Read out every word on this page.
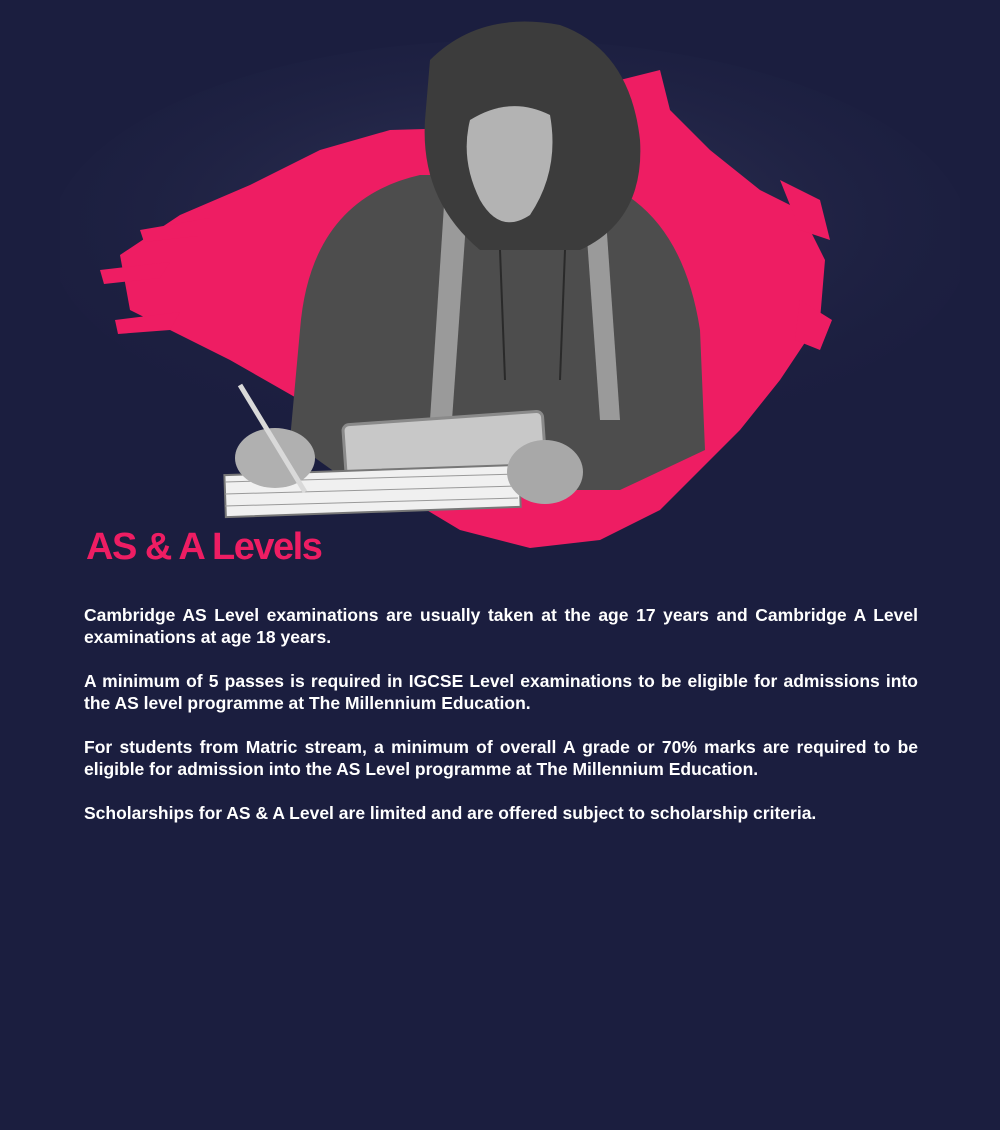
AS & A Levels

Cambridge AS Level examinations are usually taken at the age 17 years and Cambridge A Level examinations at age 18 years.

A minimum of 5 passes is required in IGCSE Level examinations to be eligible for admissions into the AS level programme at The Millennium Education.

For students from Matric stream, a minimum of overall A grade or 70% marks are required to be eligible for admission into the AS Level programme at The Millennium Education.

Scholarships for AS & A Level are limited and are offered subject to scholarship criteria.
